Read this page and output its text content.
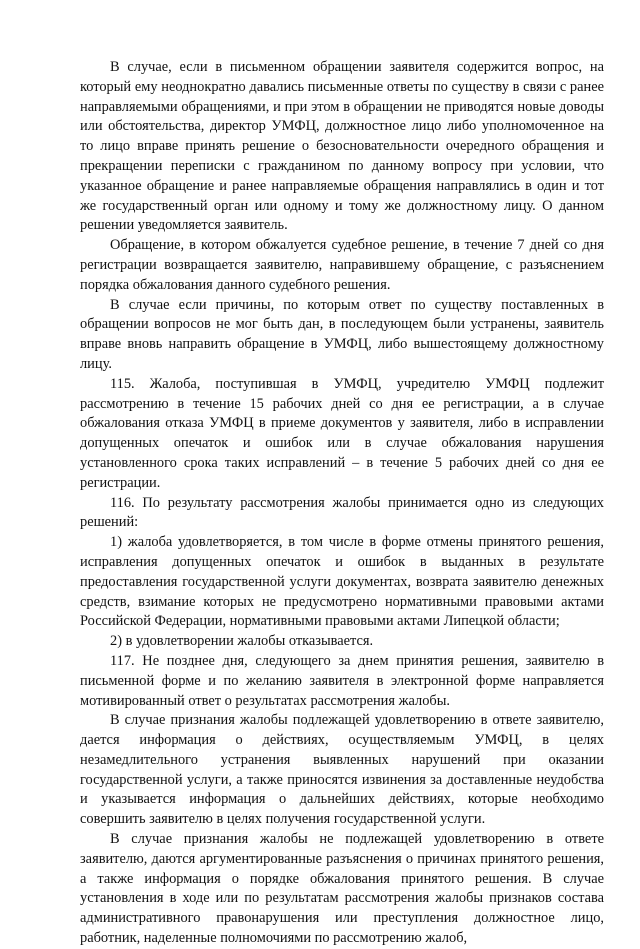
В случае, если в письменном обращении заявителя содержится вопрос, на который ему неоднократно давались письменные ответы по существу в связи с ранее направляемыми обращениями, и при этом в обращении не приводятся новые доводы или обстоятельства, директор УМФЦ, должностное лицо либо уполномоченное на то лицо вправе принять решение о безосновательности очередного обращения и прекращении переписки с гражданином по данному вопросу при условии, что указанное обращение и ранее направляемые обращения направлялись в один и тот же государственный орган или одному и тому же должностному лицу. О данном решении уведомляется заявитель.

Обращение, в котором обжалуется судебное решение, в течение 7 дней со дня регистрации возвращается заявителю, направившему обращение, с разъяснением порядка обжалования данного судебного решения.

В случае если причины, по которым ответ по существу поставленных в обращении вопросов не мог быть дан, в последующем были устранены, заявитель вправе вновь направить обращение в УМФЦ, либо вышестоящему должностному лицу.

115. Жалоба, поступившая в УМФЦ, учредителю УМФЦ подлежит рассмотрению в течение 15 рабочих дней со дня ее регистрации, а в случае обжалования отказа УМФЦ в приеме документов у заявителя, либо в исправлении допущенных опечаток и ошибок или в случае обжалования нарушения установленного срока таких исправлений – в течение 5 рабочих дней со дня ее регистрации.

116. По результату рассмотрения жалобы принимается одно из следующих решений:

1) жалоба удовлетворяется, в том числе в форме отмены принятого решения, исправления допущенных опечаток и ошибок в выданных в результате предоставления государственной услуги документах, возврата заявителю денежных средств, взимание которых не предусмотрено нормативными правовыми актами Российской Федерации, нормативными правовыми актами Липецкой области;

2) в удовлетворении жалобы отказывается.

117. Не позднее дня, следующего за днем принятия решения, заявителю в письменной форме и по желанию заявителя в электронной форме направляется мотивированный ответ о результатах рассмотрения жалобы.

В случае признания жалобы подлежащей удовлетворению в ответе заявителю, дается информация о действиях, осуществляемым УМФЦ, в целях незамедлительного устранения выявленных нарушений при оказании государственной услуги, а также приносятся извинения за доставленные неудобства и указывается информация о дальнейших действиях, которые необходимо совершить заявителю в целях получения государственной услуги.

В случае признания жалобы не подлежащей удовлетворению в ответе заявителю, даются аргументированные разъяснения о причинах принятого решения, а также информация о порядке обжалования принятого решения. В случае установления в ходе или по результатам рассмотрения жалобы признаков состава административного правонарушения или преступления должностное лицо, работник, наделенные полномочиями по рассмотрению жалоб,
